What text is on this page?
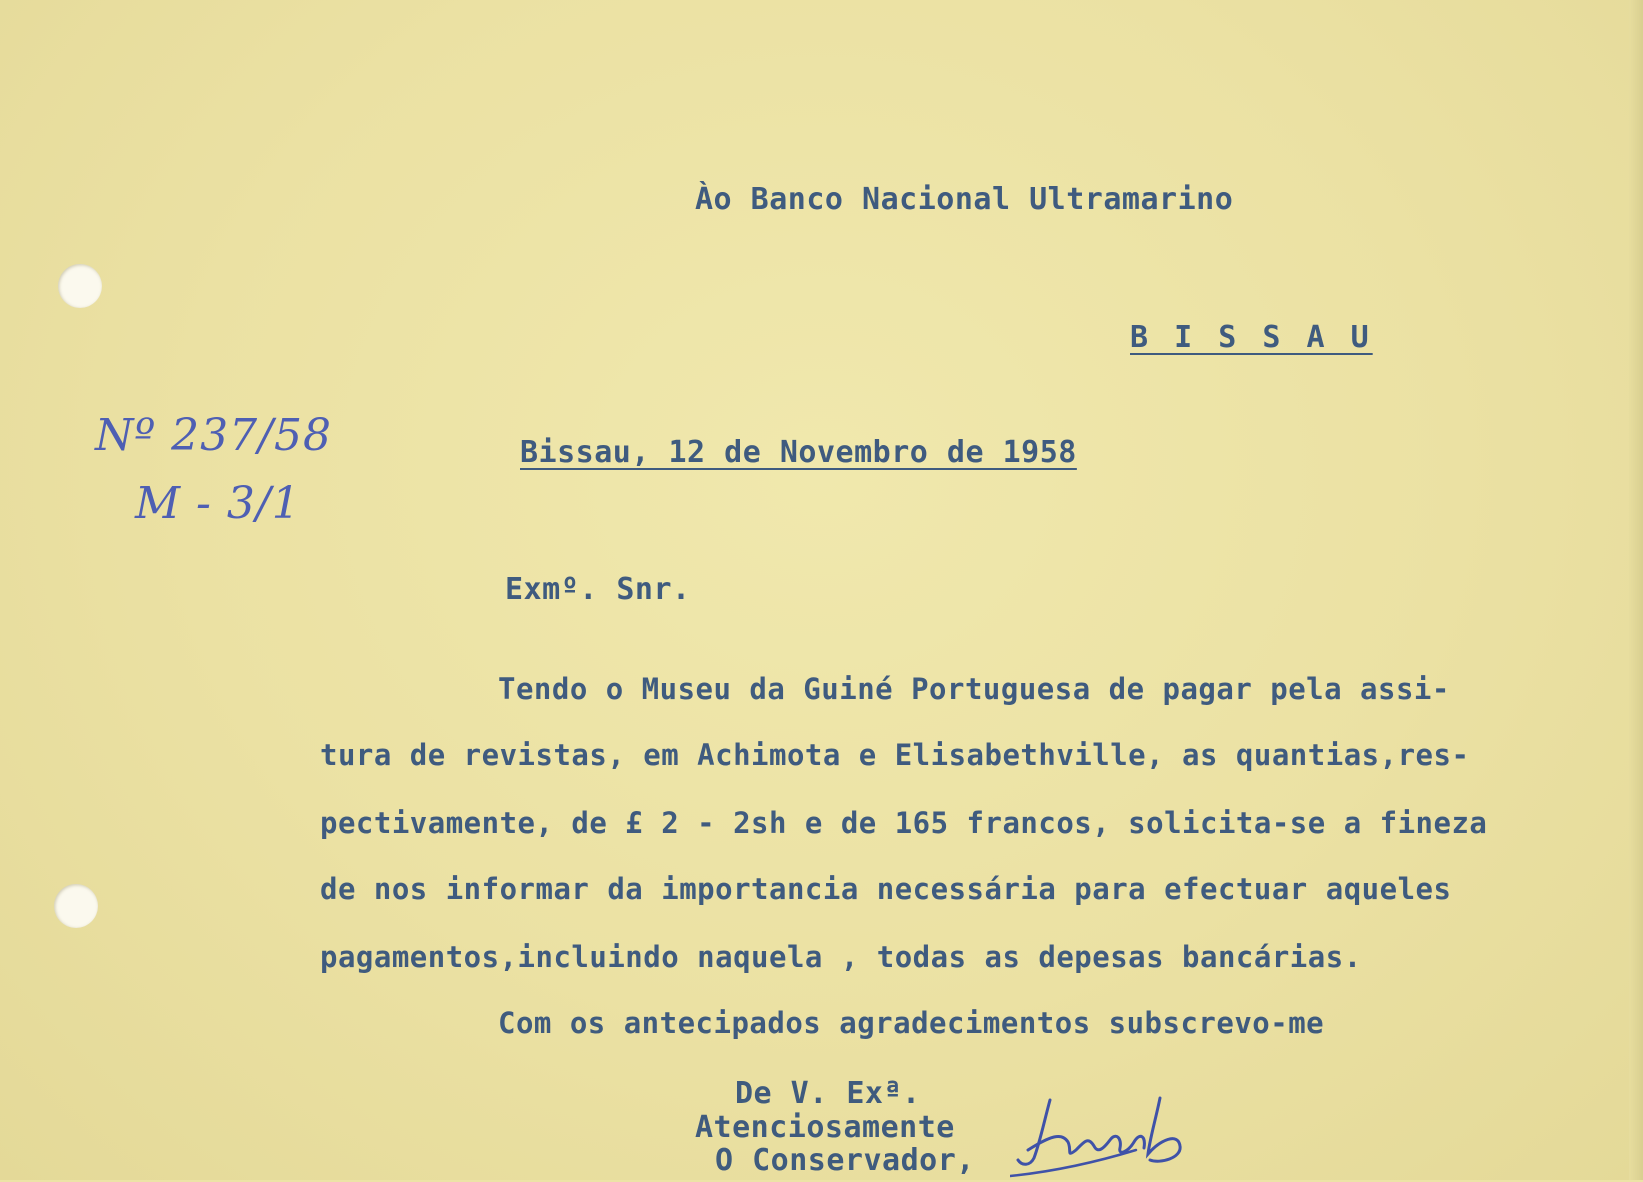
Ào Banco Nacional Ultramarino
B I S S A U
Nº 237/58
M - 3/1
Bissau, 12 de Novembro de 1958
Exmº. Snr.
Tendo o Museu da Guiné Portuguesa de pagar pela assi-
tura de revistas, em Achimota e Elisabethville, as quantias,res-
pectivamente, de £ 2 - 2sh e de 165 francos, solicita-se a fineza
de nos informar da importancia necessária para efectuar aqueles
pagamentos,incluindo naquela , todas as depesas bancárias.
Com os antecipados agradecimentos subscrevo-me
De V. Exª.
Atenciosamente
O Conservador,
